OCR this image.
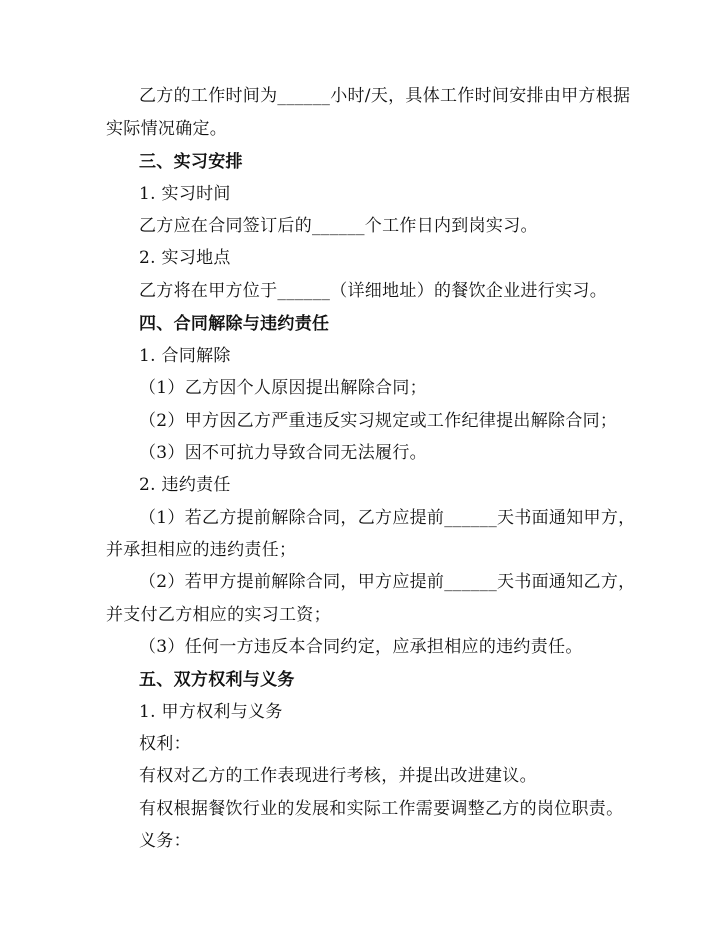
乙方的工作时间为______小时/天，具体工作时间安排由甲方根据
实际情况确定。
三、实习安排
1. 实习时间
乙方应在合同签订后的______个工作日内到岗实习。
2. 实习地点
乙方将在甲方位于______（详细地址）的餐饮企业进行实习。
四、合同解除与违约责任
1. 合同解除
（1）乙方因个人原因提出解除合同；
（2）甲方因乙方严重违反实习规定或工作纪律提出解除合同；
（3）因不可抗力导致合同无法履行。
2. 违约责任
（1）若乙方提前解除合同，乙方应提前______天书面通知甲方，
并承担相应的违约责任；
（2）若甲方提前解除合同，甲方应提前______天书面通知乙方，
并支付乙方相应的实习工资；
（3）任何一方违反本合同约定，应承担相应的违约责任。
五、双方权利与义务
1. 甲方权利与义务
权利：
有权对乙方的工作表现进行考核，并提出改进建议。
有权根据餐饮行业的发展和实际工作需要调整乙方的岗位职责。
义务：
